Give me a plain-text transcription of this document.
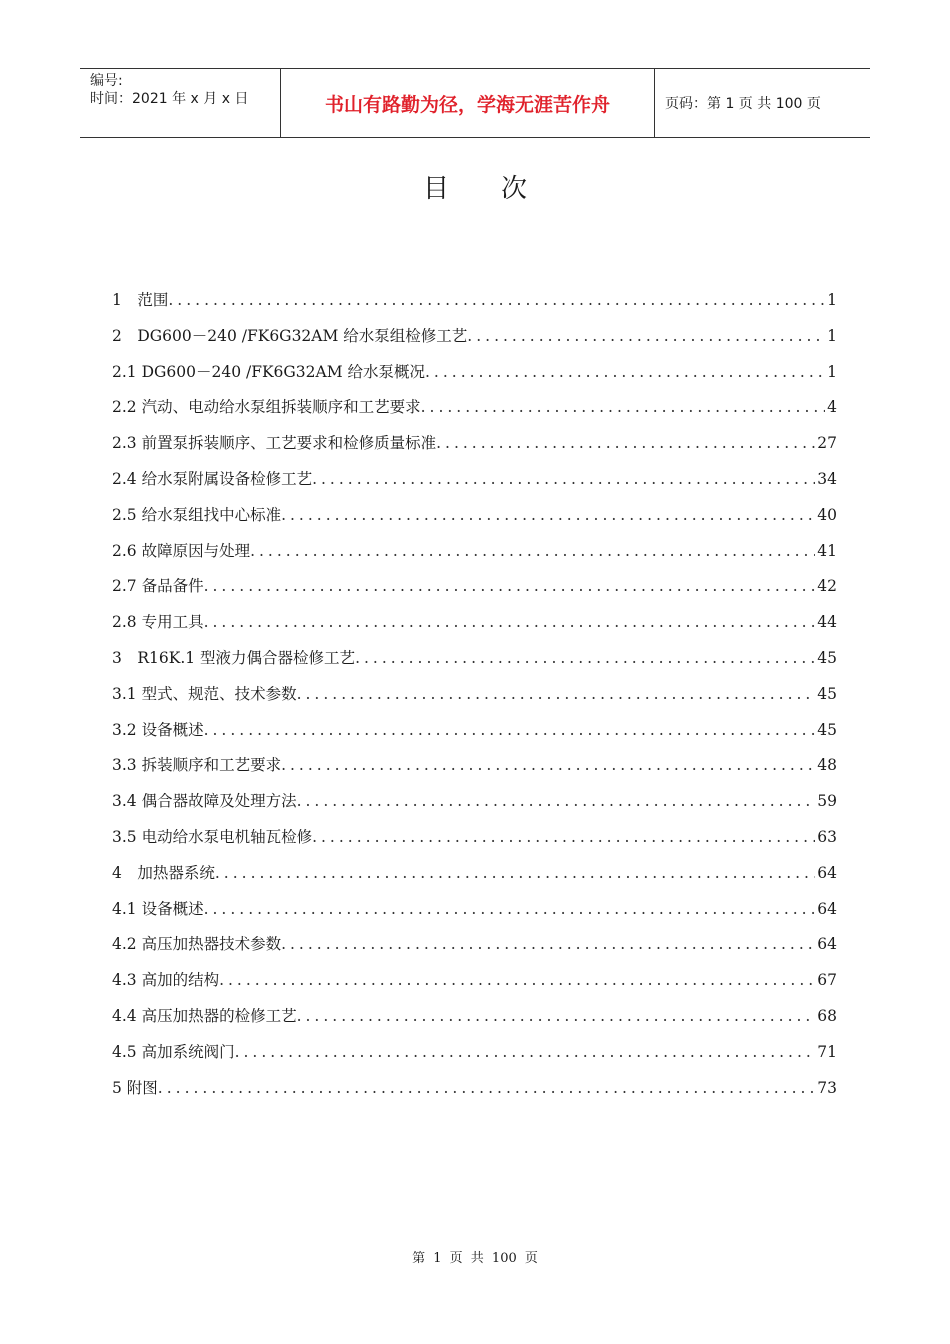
编号:
时间：2021 年 x 月 x 日	书山有路勤为径，学海无涯苦作舟	页码：第 1 页 共 100 页
目次
1　范围 .....	1
2　DG600－240 /FK6G32AM 给水泵组检修工艺 .....	1
2.1 DG600－240 /FK6G32AM 给水泵概况 .....	1
2.2 汽动、电动给水泵组拆装顺序和工艺要求 .....	4
2.3 前置泵拆装顺序、工艺要求和检修质量标准 .....	27
2.4 给水泵附属设备检修工艺 .....	34
2.5 给水泵组找中心标准 .....	40
2.6 故障原因与处理 .....	41
2.7 备品备件 .....	42
2.8 专用工具 .....	44
3　R16K.1 型液力偶合器检修工艺 .....	45
3.1 型式、规范、技术参数 .....	45
3.2 设备概述 .....	45
3.3 拆装顺序和工艺要求 .....	48
3.4 偶合器故障及处理方法 .....	59
3.5 电动给水泵电机轴瓦检修 .....	63
4　加热器系统 .....	64
4.1 设备概述 .....	64
4.2 高压加热器技术参数 .....	64
4.3 高加的结构 .....	67
4.4 高压加热器的检修工艺 .....	68
4.5 高加系统阀门 .....	71
5 附图 .....	73
第 1 页 共 100 页
